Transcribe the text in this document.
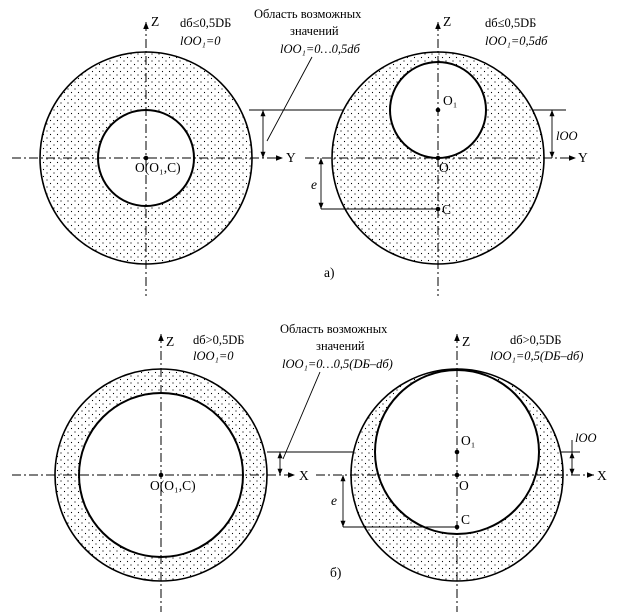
Z dб≤0,5DБ
lOO₁=0
O(O₁,C)
Область возможных
значений
lOO₁=0…0,5dб
Y
Z	dб≤0,5DБ
lOO₁=0,5dб
O₁
O
C
Y
lOO
e
а)
Z dб>0,5DБ
lOO₁=0
O(O₁,C)
Область возможных
значений
lOO₁=0…0,5(DБ–dб)
X
Z	dб>0,5DБ
lOO₁=0,5(DБ–dб)
O₁
O
C
X
lOO
e
б)
